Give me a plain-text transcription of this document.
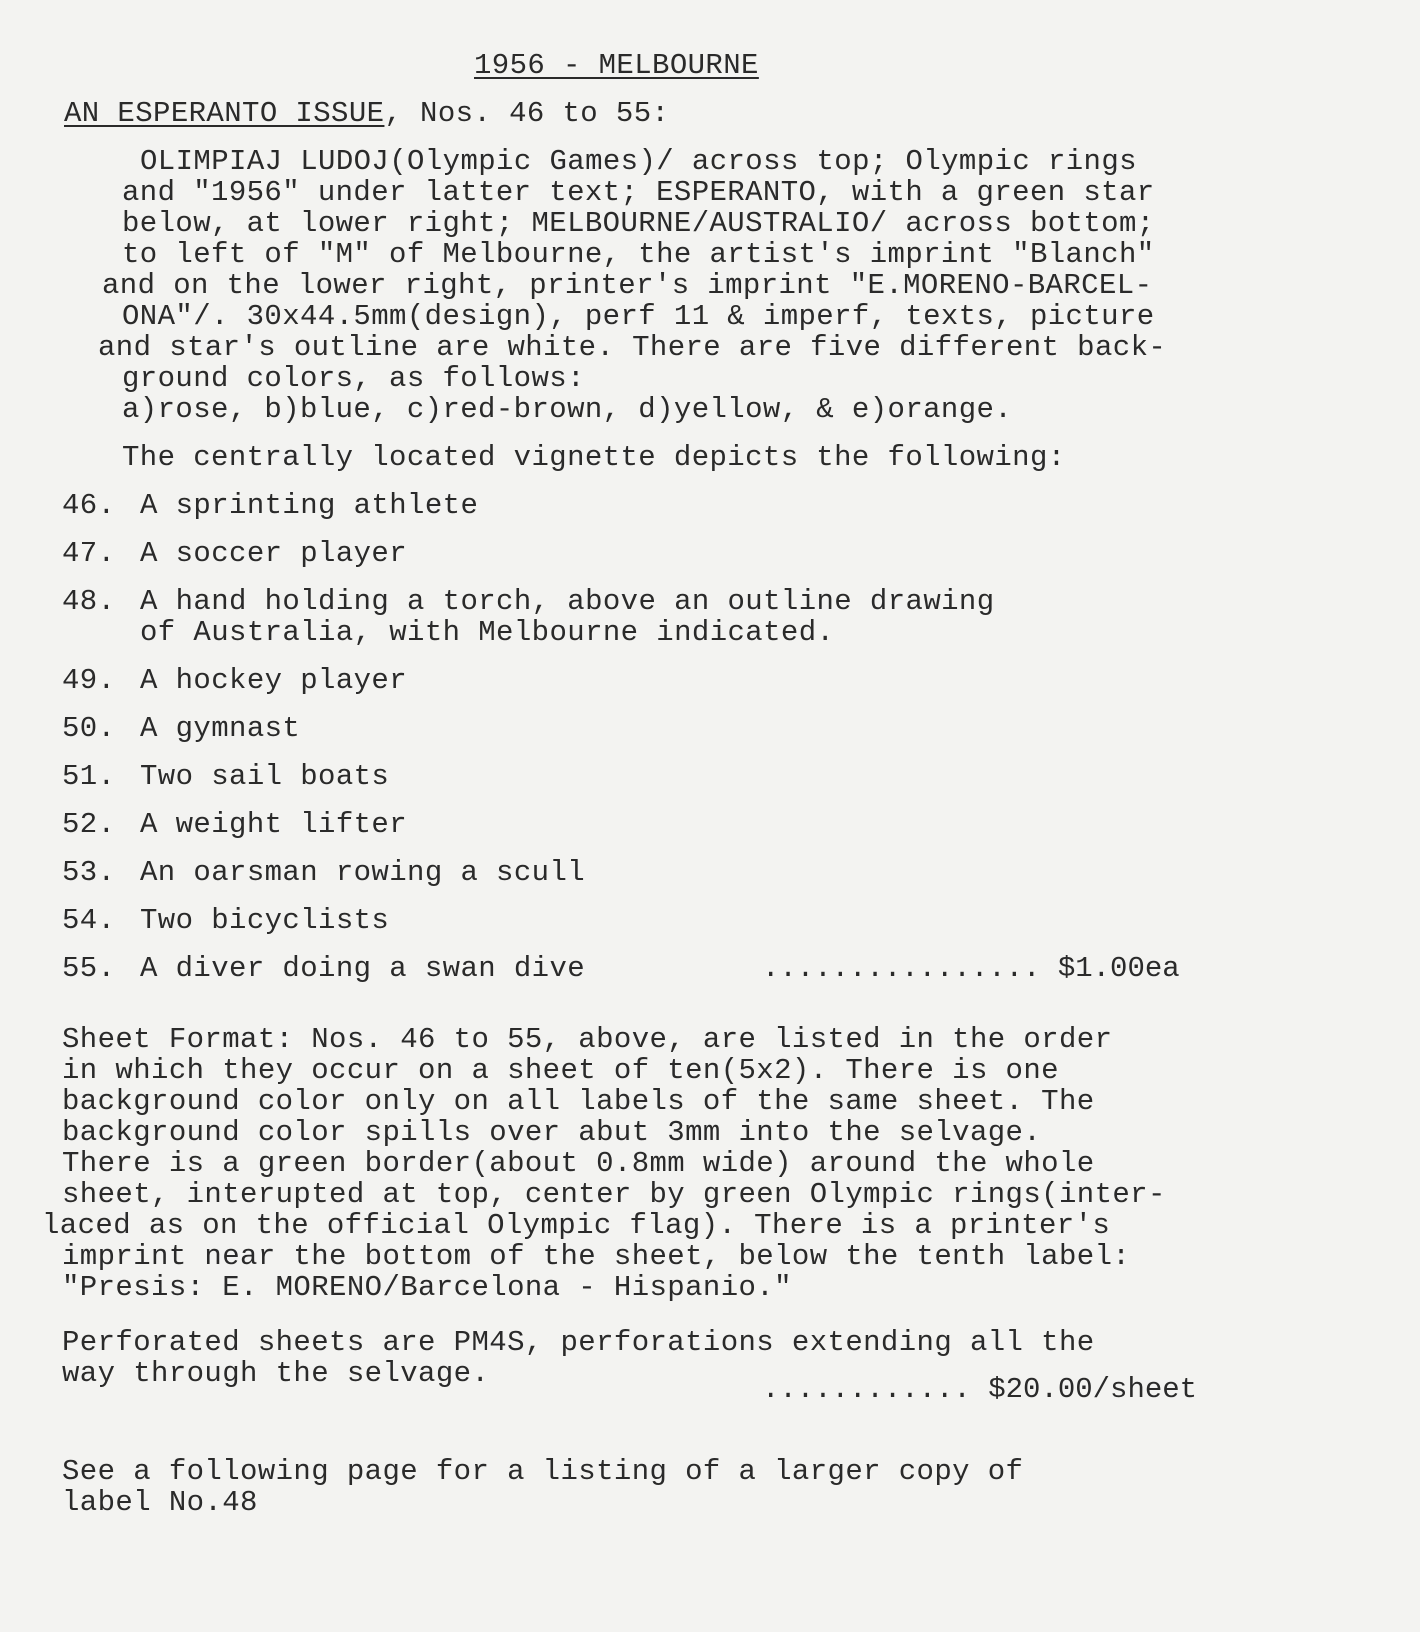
1956 - MELBOURNE
AN ESPERANTO ISSUE, Nos. 46 to 55:
OLIMPIAJ LUDOJ(Olympic Games)/ across top; Olympic rings
and "1956" under latter text; ESPERANTO, with a green star
below, at lower right; MELBOURNE/AUSTRALIO/ across bottom;
to left of "M" of Melbourne, the artist's imprint "Blanch"
and on the lower right, printer's imprint "E.MORENO-BARCEL-
ONA"/. 30x44.5mm(design), perf 11 & imperf, texts, picture
and star's outline are white. There are five different back-
ground colors, as follows:
a)rose, b)blue, c)red-brown, d)yellow, & e)orange.
The centrally located vignette depicts the following:
46. A sprinting athlete
47. A soccer player
48. A hand holding a torch, above an outline drawing
of Australia, with Melbourne indicated.
49. A hockey player
50. A gymnast
51. Two sail boats
52. A weight lifter
53. An oarsman rowing a scull
54. Two bicyclists
55. A diver doing a swan dive	................ $1.00ea
Sheet Format: Nos. 46 to 55, above, are listed in the order
in which they occur on a sheet of ten(5x2). There is one
background color only on all labels of the same sheet. The
background color spills over abut 3mm into the selvage.
There is a green border(about 0.8mm wide) around the whole
sheet, interupted at top, center by green Olympic rings(inter-
laced as on the official Olympic flag). There is a printer's
imprint near the bottom of the sheet, below the tenth label:
"Presis: E. MORENO/Barcelona - Hispanio."
Perforated sheets are PM4S, perforations extending all the
way through the selvage.	............ $20.00/sheet
See a following page for a listing of a larger copy of
label No.48
